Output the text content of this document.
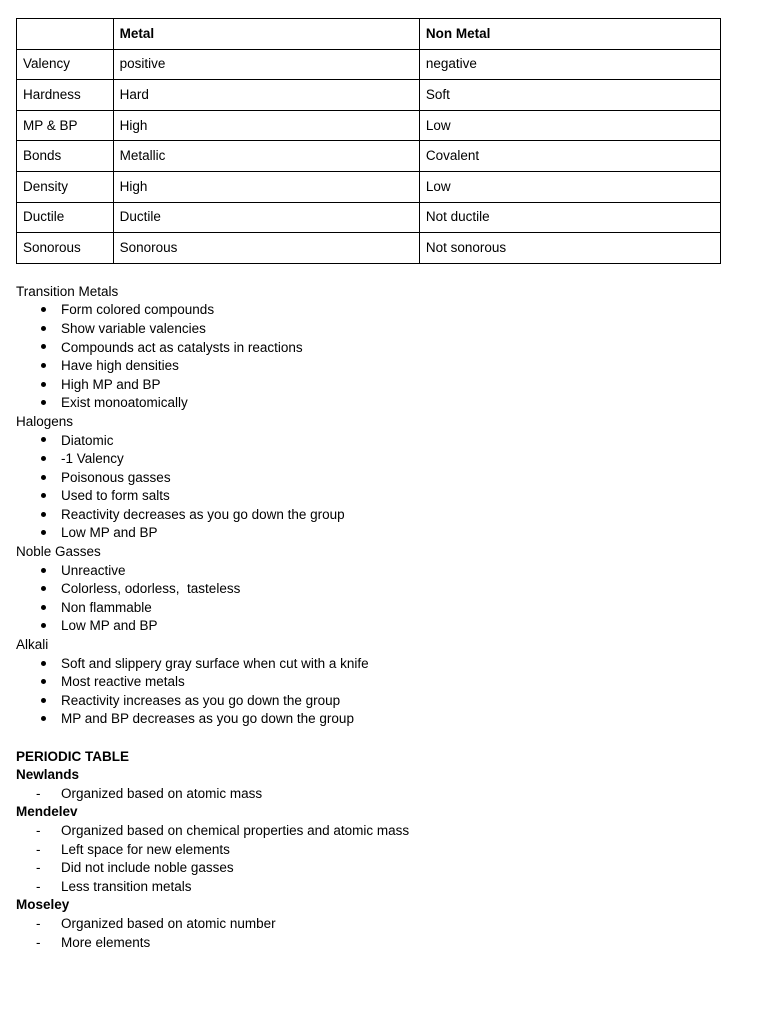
	Metal	Non Metal
Valency	positive	negative
Hardness	Hard	Soft
MP & BP	High	Low
Bonds	Metallic	Covalent
Density	High	Low
Ductile	Ductile	Not ductile
Sonorous	Sonorous	Not sonorous
Transition Metals
Form colored compounds
Show variable valencies
Compounds act as catalysts in reactions
Have high densities
High MP and BP
Exist monoatomically
Halogens
Diatomic
-1 Valency
Poisonous gasses
Used to form salts
Reactivity decreases as you go down the group
Low MP and BP
Noble Gasses
Unreactive
Colorless, odorless,  tasteless
Non flammable
Low MP and BP
Alkali
Soft and slippery gray surface when cut with a knife
Most reactive metals
Reactivity increases as you go down the group
MP and BP decreases as you go down the group
PERIODIC TABLE
Newlands
- Organized based on atomic mass
Mendelev
- Organized based on chemical properties and atomic mass
- Left space for new elements
- Did not include noble gasses
- Less transition metals
Moseley
- Organized based on atomic number
- More elements
